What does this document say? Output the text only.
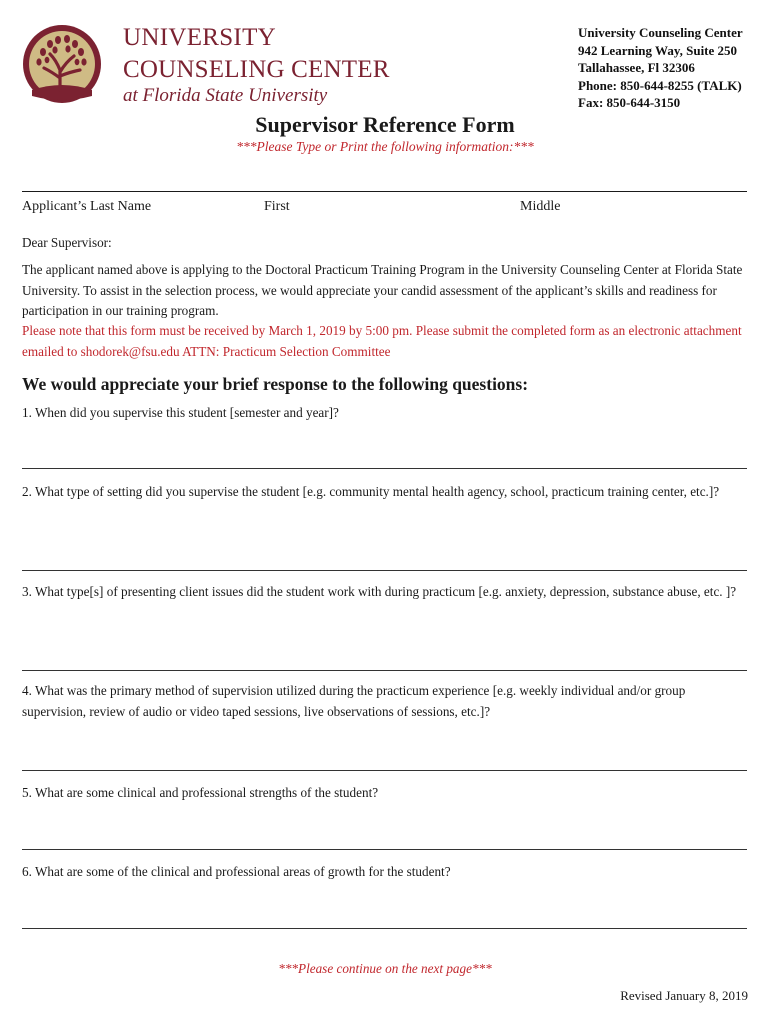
UNIVERSITY
COUNSELING CENTER
at Florida State University
University Counseling Center
942 Learning Way, Suite 250
Tallahassee, Fl 32306
Phone: 850-644-8255 (TALK)
Fax: 850-644-3150
Supervisor Reference Form
***Please Type or Print the following information:***
Applicant’s Last Name	First	Middle
Dear Supervisor:
The applicant named above is applying to the Doctoral Practicum Training Program in the University Counseling Center at Florida State University. To assist in the selection process, we would appreciate your candid assessment of the applicant’s skills and readiness for participation in our training program.
Please note that this form must be received by March 1, 2019 by 5:00 pm. Please submit the completed form as an electronic attachment emailed to shodorek@fsu.edu ATTN: Practicum Selection Committee
We would appreciate your brief response to the following questions:
1. When did you supervise this student [semester and year]?
2. What type of setting did you supervise the student [e.g. community mental health agency, school, practicum training center, etc.]?
3. What type[s] of presenting client issues did the student work with during practicum [e.g. anxiety, depression, substance abuse, etc. ]?
4. What was the primary method of supervision utilized during the practicum experience [e.g. weekly individual and/or group supervision, review of audio or video taped sessions, live observations of sessions, etc.]?
5. What are some clinical and professional strengths of the student?
6. What are some of the clinical and professional areas of growth for the student?
***Please continue on the next page***
Revised January 8, 2019
